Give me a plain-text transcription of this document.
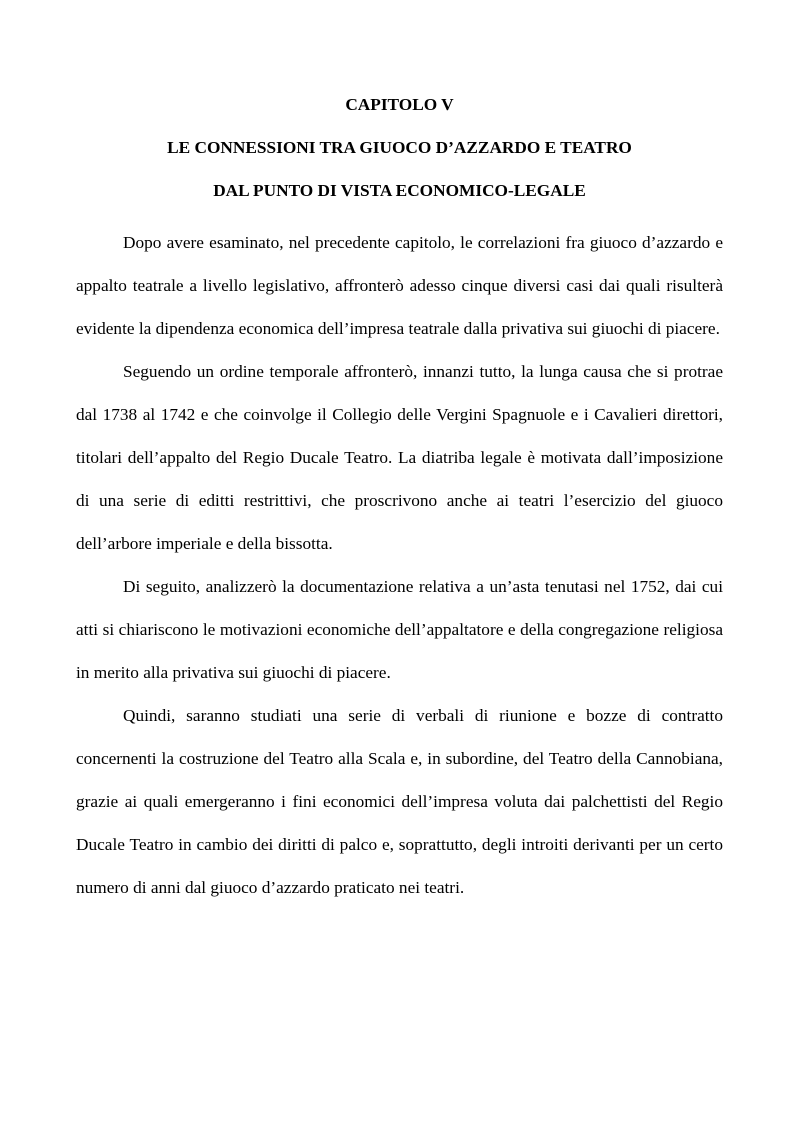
CAPITOLO V
LE CONNESSIONI TRA GIUOCO D’AZZARDO E TEATRO
DAL PUNTO DI VISTA ECONOMICO-LEGALE

Dopo avere esaminato, nel precedente capitolo, le correlazioni fra giuoco d’azzardo e appalto teatrale a livello legislativo, affronterò adesso cinque diversi casi dai quali risulterà evidente la dipendenza economica dell’impresa teatrale dalla privativa sui giuochi di piacere.

Seguendo un ordine temporale affronterò, innanzi tutto, la lunga causa che si protrae dal 1738 al 1742 e che coinvolge il Collegio delle Vergini Spagnuole e i Cavalieri direttori, titolari dell’appalto del Regio Ducale Teatro. La diatriba legale è motivata dall’imposizione di una serie di editti restrittivi, che proscrivono anche ai teatri l’esercizio del giuoco dell’arbore imperiale e della bissotta.

Di seguito, analizzerò la documentazione relativa a un’asta tenutasi nel 1752, dai cui atti si chiariscono le motivazioni economiche dell’appaltatore e della congregazione religiosa in merito alla privativa sui giuochi di piacere.

Quindi, saranno studiati una serie di verbali di riunione e bozze di contratto concernenti la costruzione del Teatro alla Scala e, in subordine, del Teatro della Cannobiana, grazie ai quali emergeranno i fini economici dell’impresa voluta dai palchettisti del Regio Ducale Teatro in cambio dei diritti di palco e, soprattutto, degli introiti derivanti per un certo numero di anni dal giuoco d’azzardo praticato nei teatri.
